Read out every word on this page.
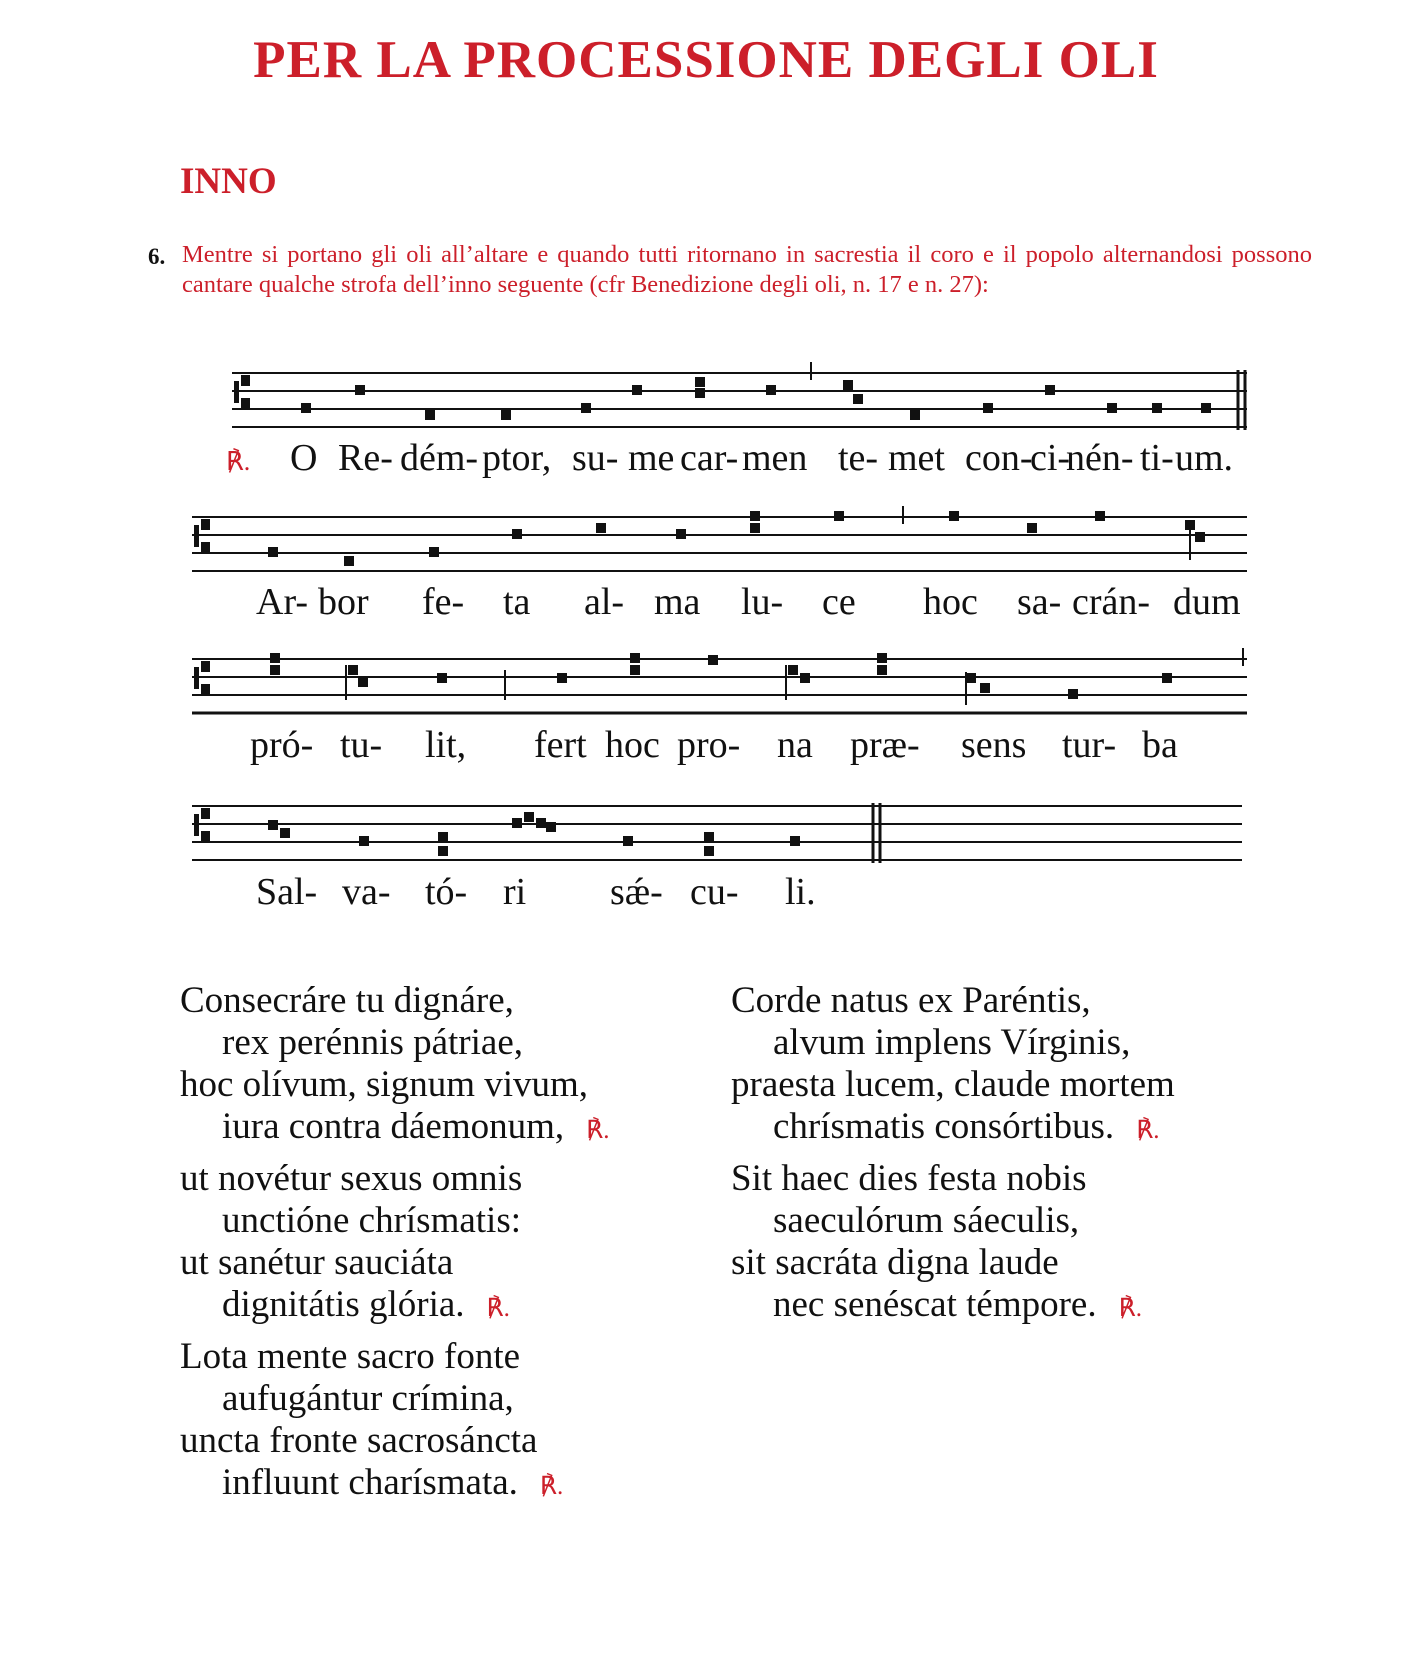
PER LA PROCESSIONE DEGLI OLI
INNO
6. Mentre si portano gli oli all’altare e quando tutti ritornano in sacrestia il coro e il popolo alternandosi possono cantare qualche strofa dell’inno seguente (cfr Benedizione degli oli, n. 17 e n. 27):
℟. O Re- dém- ptor, su- me car- men te- met con-
ci-
nén- ti- um.
Ar- bor fe- ta al- ma lu- ce hoc sa- crán- dum
pró- tu- lit, fert hoc pro- na præ- sens tur- ba
Sal- va- tó- ri sǽ- cu- li.
Consecráre tu dignáre,
rex perénnis pátriae,
hoc olívum, signum vivum,
iura contra dáemonum, ℟.
ut novétur sexus omnis
unctióne chrísmatis:
ut sanétur sauciáta
dignitátis glória. ℟.
Lota mente sacro fonte
aufugántur crímina,
uncta fronte sacrosáncta
influunt charísmata. ℟.
Corde natus ex Paréntis,
alvum implens Vírginis,
praesta lucem, claude mortem
chrísmatis consórtibus. ℟.
Sit haec dies festa nobis
saeculórum sáeculis,
sit sacráta digna laude
nec senéscat témpore. ℟.
